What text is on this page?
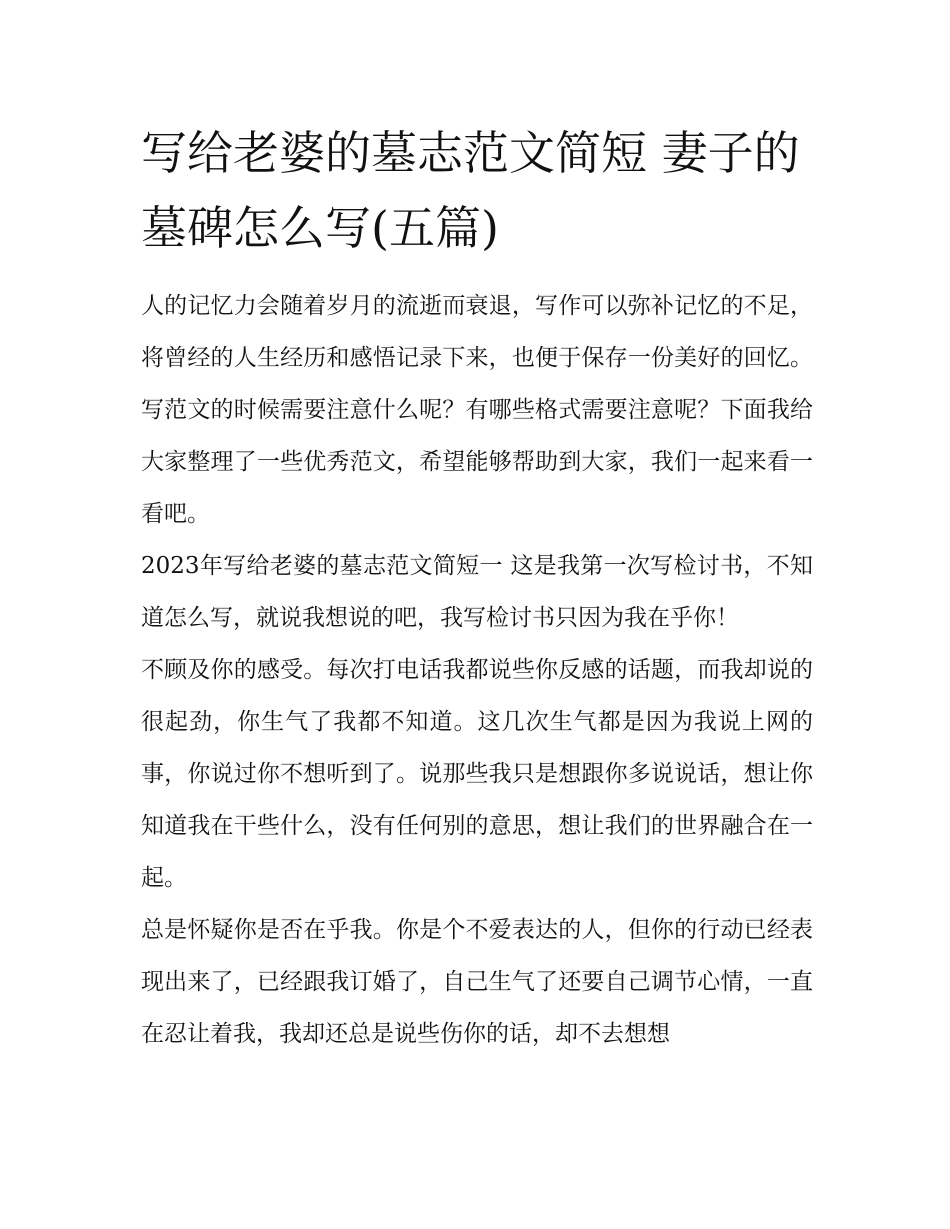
写给老婆的墓志范文简短 妻子的墓碑怎么写(五篇)

人的记忆力会随着岁月的流逝而衰退，写作可以弥补记忆的不足，将曾经的人生经历和感悟记录下来，也便于保存一份美好的回忆。写范文的时候需要注意什么呢？有哪些格式需要注意呢？下面我给大家整理了一些优秀范文，希望能够帮助到大家，我们一起来看一看吧。

2023年写给老婆的墓志范文简短一 这是我第一次写检讨书，不知道怎么写，就说我想说的吧，我写检讨书只因为我在乎你！

不顾及你的感受。每次打电话我都说些你反感的话题，而我却说的很起劲，你生气了我都不知道。这几次生气都是因为我说上网的事，你说过你不想听到了。说那些我只是想跟你多说说话，想让你知道我在干些什么，没有任何别的意思，想让我们的世界融合在一起。

总是怀疑你是否在乎我。你是个不爱表达的人，但你的行动已经表现出来了，已经跟我订婚了，自己生气了还要自己调节心情，一直在忍让着我，我却还总是说些伤你的话，却不去想想
